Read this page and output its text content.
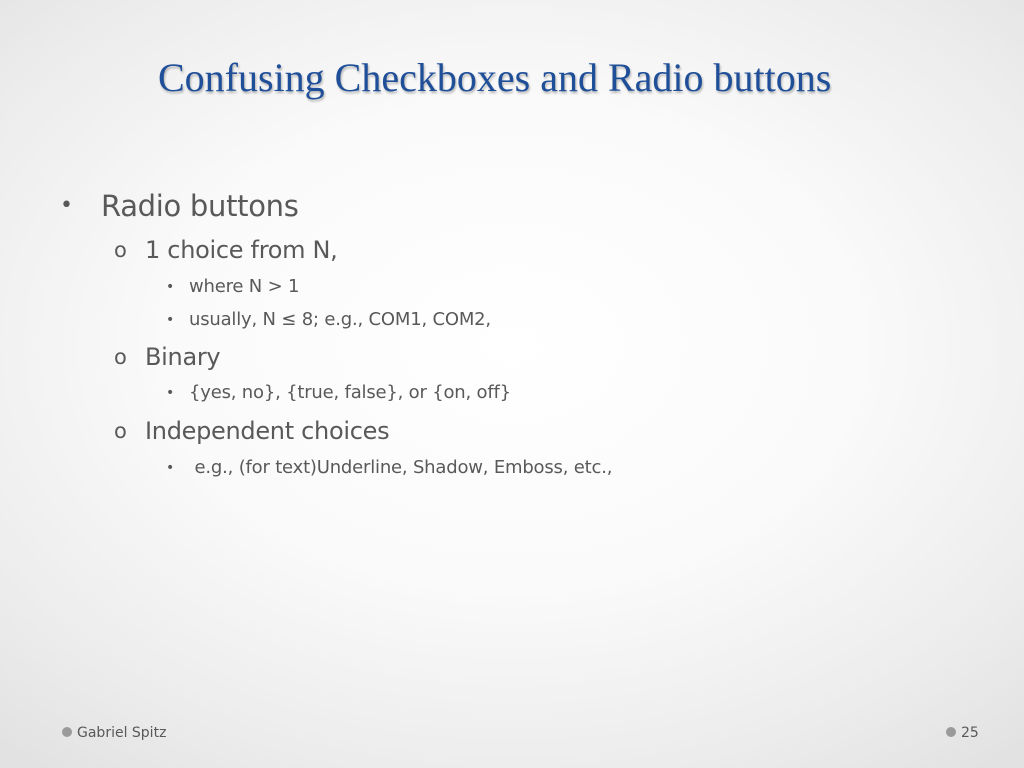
Confusing Checkboxes and Radio buttons
• Radio buttons
o 1 choice from N,
• where N > 1
• usually, N ≤ 8; e.g., COM1, COM2,
o Binary
• {yes, no}, {true, false}, or {on, off}
o Independent choices
• e.g., (for text)Underline, Shadow, Emboss, etc.,
Gabriel Spitz	25
